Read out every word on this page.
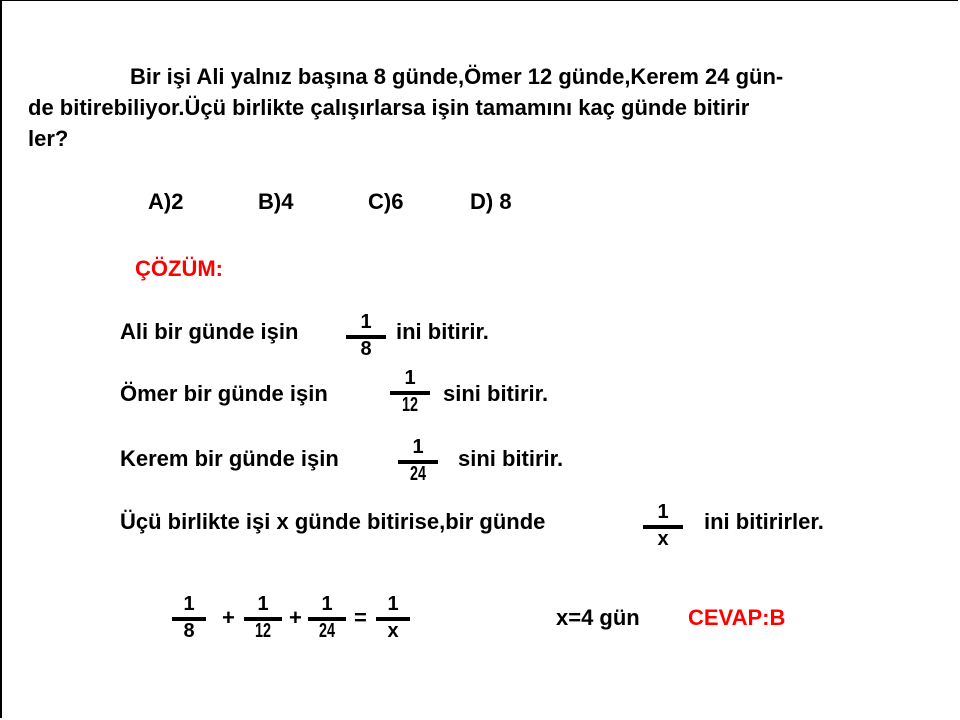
Bir işi Ali yalnız başına 8 günde,Ömer 12 günde,Kerem 24 gün-
de bitirebiliyor.Üçü birlikte çalışırlarsa işin tamamını kaç günde bitirir
ler?
A)2	B)4	C)6	D) 8
ÇÖZÜM:
Ali bir günde işin	1
8
ini bitirir.
Ömer bir günde işin
1
12 sini bitirir.
Kerem bir günde işin	1
24
sini bitirir.
Üçü birlikte işi x günde bitirise,bir günde	1
x
ini bitirirler.
1
8
+
1
12
+
1
24
=
1
x
x=4 gün CEVAP:B
